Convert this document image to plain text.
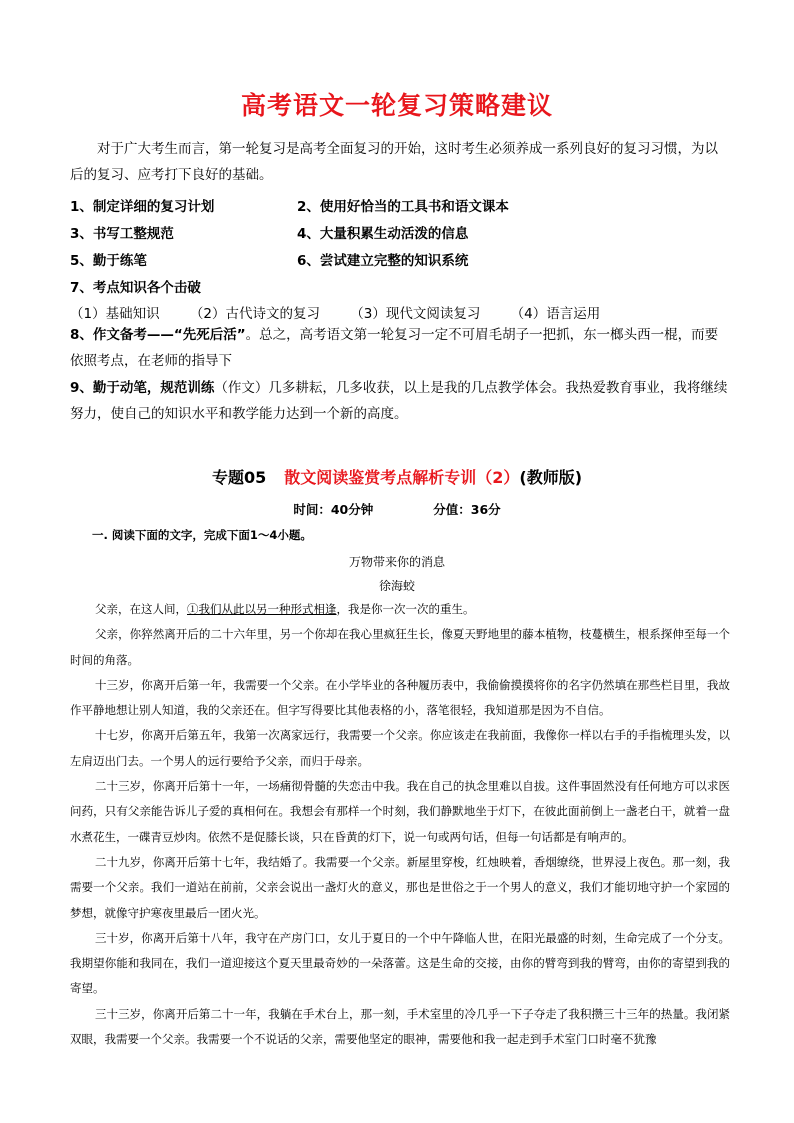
高考语文一轮复习策略建议
对于广大考生而言，第一轮复习是高考全面复习的开始，这时考生必须养成一系列良好的复习习惯，为以后的复习、应考打下良好的基础。
1、制定详细的复习计划	2、使用好恰当的工具书和语文课本
3、书写工整规范	4、大量积累生动活泼的信息
5、勤于练笔	6、尝试建立完整的知识系统
7、考点知识各个击破
（1）基础知识 （2）古代诗文的复习 （3）现代文阅读复习 （4）语言运用
8、作文备考——“先死后活”。总之，高考语文第一轮复习一定不可眉毛胡子一把抓，东一榔头西一棍，而要依照考点，在老师的指导下
9、勤于动笔，规范训练（作文）几多耕耘，几多收获，以上是我的几点教学体会。我热爱教育事业，我将继续努力，使自己的知识水平和教学能力达到一个新的高度。
专题05 散文阅读鉴赏考点解析专训（2）(教师版)
时间：40分钟	分值：36分
一. 阅读下面的文字，完成下面1～4小题。
万物带来你的消息
徐海蛟

父亲，在这人间，①我们从此以另一种形式相逢，我是你一次一次的重生。

父亲，你猝然离开后的二十六年里，另一个你却在我心里疯狂生长，像夏天野地里的藤本植物，枝蔓横生，根系探伸至每一个时间的角落。

十三岁，你离开后第一年，我需要一个父亲。在小学毕业的各种履历表中，我偷偷摸摸将你的名字仍然填在那些栏目里，我故作平静地想让别人知道，我的父亲还在。但字写得要比其他表格的小，落笔很轻，我知道那是因为不自信。

十七岁，你离开后第五年，我第一次离家远行，我需要一个父亲。你应该走在我前面，我像你一样以右手的手指梳理头发，以左肩迈出门去。一个男人的远行要给予父亲，而归于母亲。

二十三岁，你离开后第十一年，一场痛彻骨髓的失恋击中我。我在自己的执念里难以自拔。这件事固然没有任何地方可以求医问药，只有父亲能告诉儿子爱的真相何在。我想会有那样一个时刻，我们静默地坐于灯下，在彼此面前倒上一盏老白干，就着一盘水煮花生，一碟青豆炒肉。依然不是促膝长谈，只在昏黄的灯下，说一句或两句话，但每一句话都是有响声的。

二十九岁，你离开后第十七年，我结婚了。我需要一个父亲。新屋里穿梭，红烛映着，香烟缭绕，世界浸上夜色。那一刻，我需要一个父亲。我们一道站在前前，父亲会说出一盏灯火的意义，那也是世俗之于一个男人的意义，我们才能切地守护一个家园的梦想，就像守护寒夜里最后一团火光。

三十岁，你离开后第十八年，我守在产房门口，女儿于夏日的一个中午降临人世，在阳光最盛的时刻，生命完成了一个分支。我期望你能和我同在，我们一道迎接这个夏天里最奇妙的一朵落蕾。这是生命的交接，由你的臂弯到我的臂弯，由你的寄望到我的寄望。

三十三岁，你离开后第二十一年，我躺在手术台上，那一刻，手术室里的冷几乎一下子夺走了我积攒三十三年的热量。我闭紧双眼，我需要一个父亲。我需要一个不说话的父亲，需要他坚定的眼神，需要他和我一起走到手术室门口时毫不犹豫
